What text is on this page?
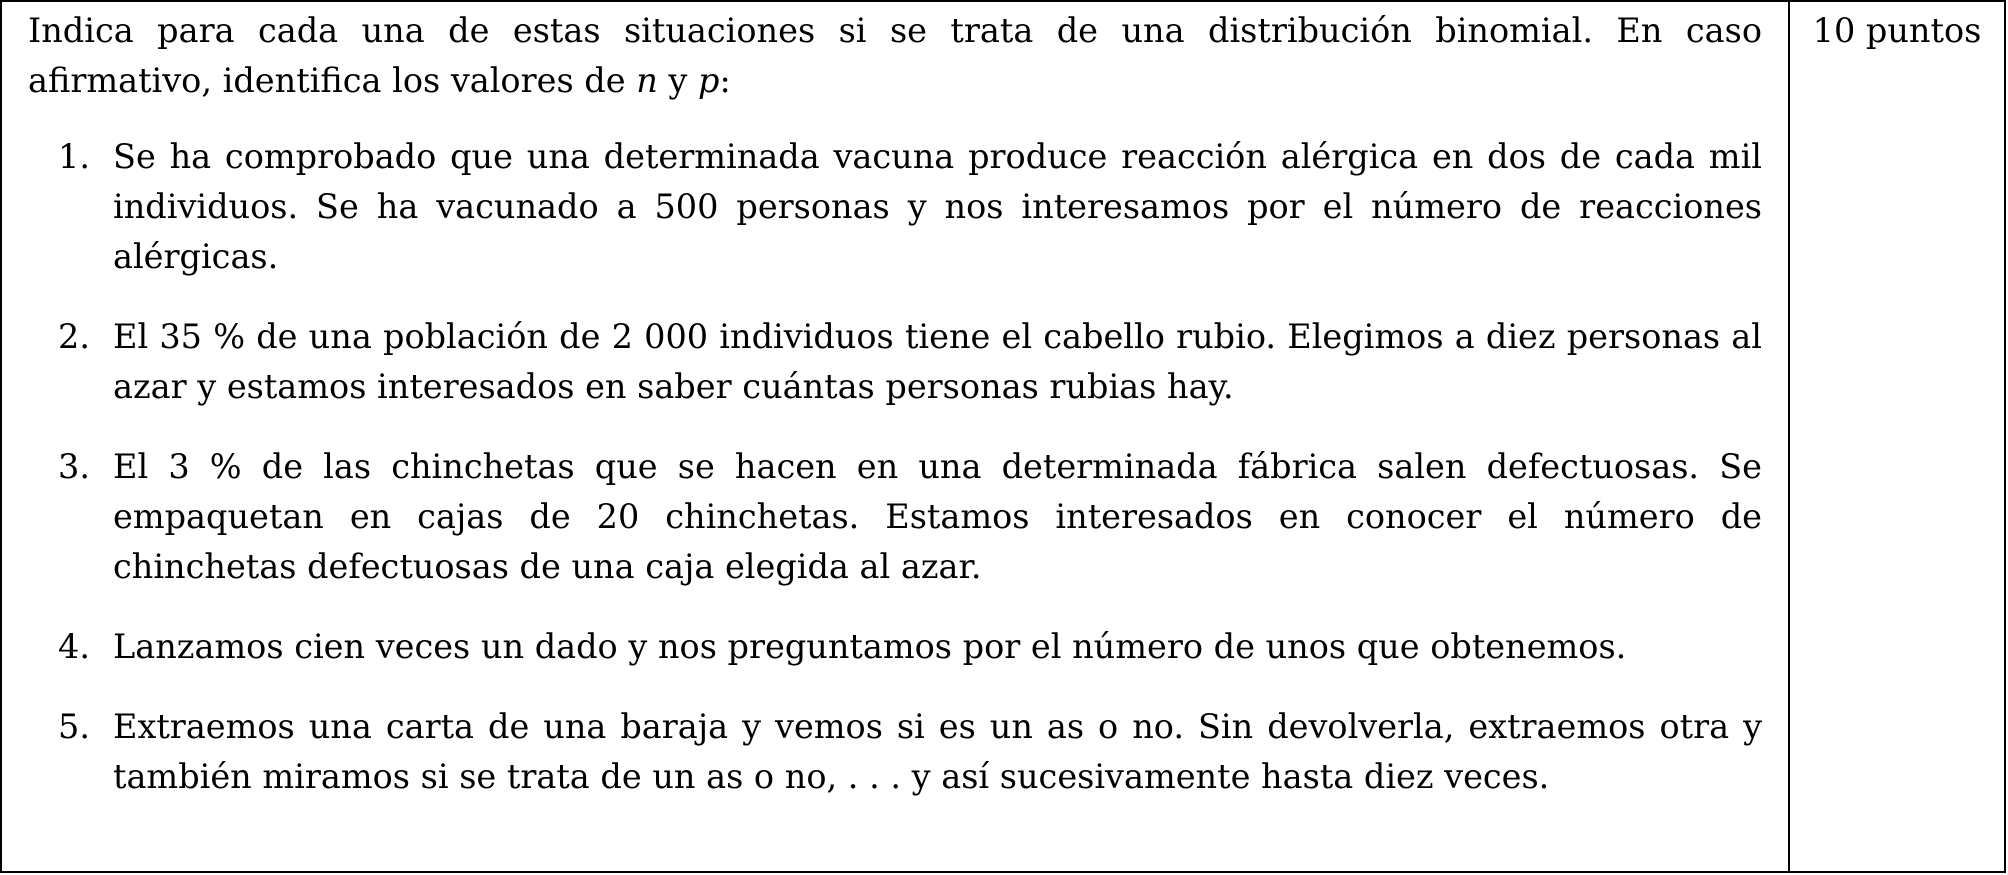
Indica para cada una de estas situaciones si se trata de una distribución binomial. En caso afirmativo, identifica los valores de n y p:

1. Se ha comprobado que una determinada vacuna produce reacción alérgica en dos de cada mil individuos. Se ha vacunado a 500 personas y nos interesamos por el número de reacciones alérgicas.
2. El 35 % de una población de 2 000 individuos tiene el cabello rubio. Elegimos a diez personas al azar y estamos interesados en saber cuántas personas rubias hay.
3. El 3 % de las chinchetas que se hacen en una determinada fábrica salen defectuosas. Se empaquetan en cajas de 20 chinchetas. Estamos interesados en conocer el número de chinchetas defectuosas de una caja elegida al azar.
4. Lanzamos cien veces un dado y nos preguntamos por el número de unos que obtenemos.
5. Extraemos una carta de una baraja y vemos si es un as o no. Sin devolverla, extraemos otra y también miramos si se trata de un as o no, . . . y así sucesivamente hasta diez veces.
10 puntos
